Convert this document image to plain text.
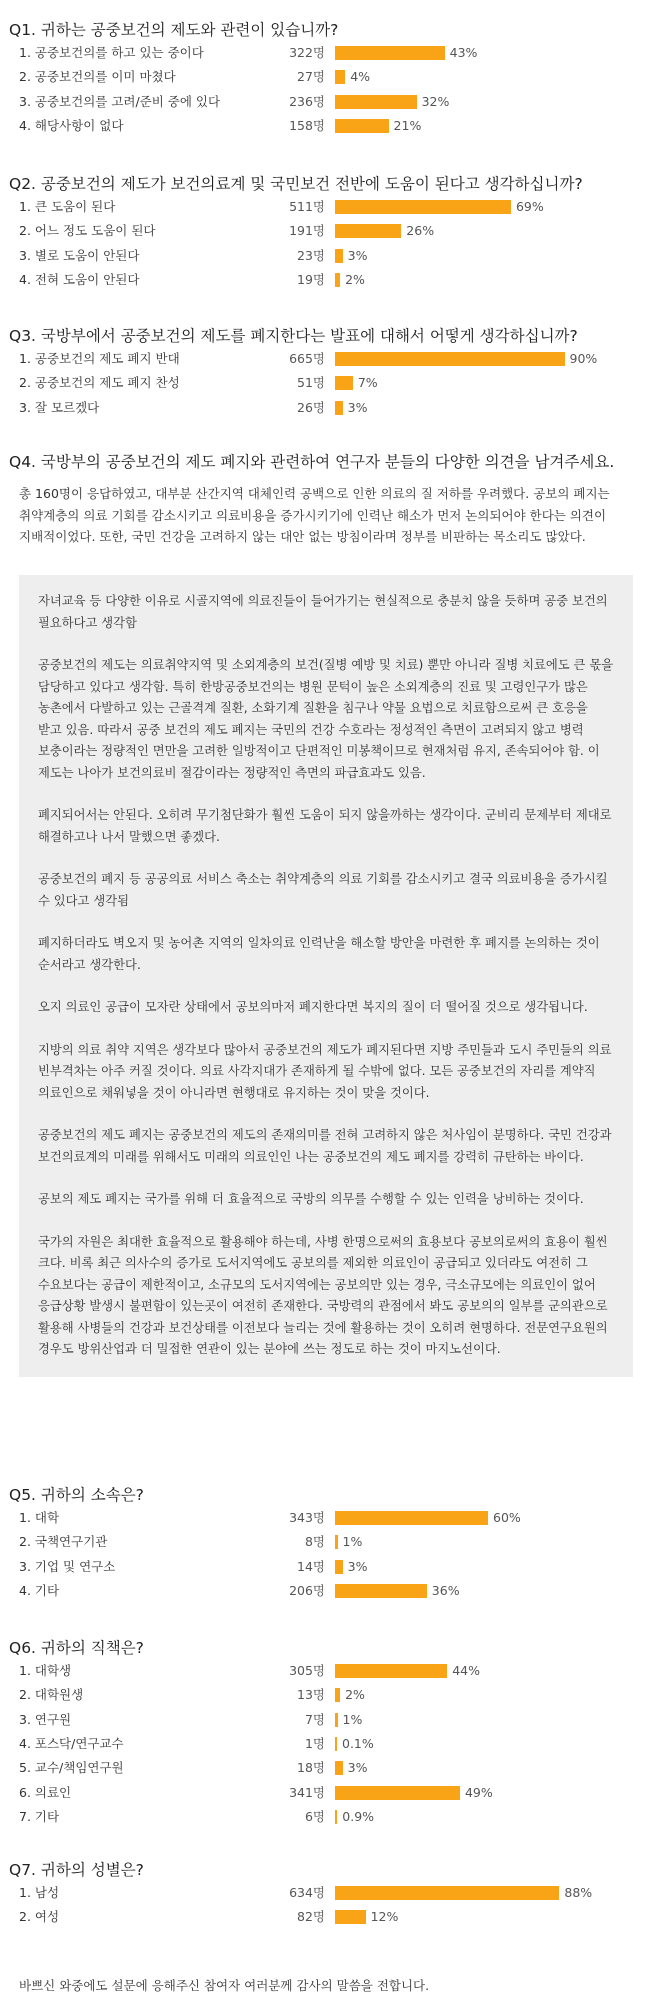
Q1. 귀하는 공중보건의 제도와 관련이 있습니까?
1. 공중보건의를 하고 있는 중이다	322명	43%
2. 공중보건의를 이미 마쳤다	27명 4%
3. 공중보건의를 고려/준비 중에 있다	236명	32%
4. 해당사항이 없다	158명	21%
Q2. 공중보건의 제도가 보건의료계 및 국민보건 전반에 도움이 된다고 생각하십니까?
1. 큰 도움이 된다	511명	69%
2. 어느 정도 도움이 된다	191명	26%
3. 별로 도움이 안된다	23명 3%
4. 전혀 도움이 안된다	19명 2%
Q3. 국방부에서 공중보건의 제도를 폐지한다는 발표에 대해서 어떻게 생각하십니까?
1. 공중보건의 제도 폐지 반대	665명	90%
2. 공중보건의 제도 폐지 찬성	51명	7%
3. 잘 모르겠다	26명 3%
Q4. 국방부의 공중보건의 제도 폐지와 관련하여 연구자 분들의 다양한 의견을 남겨주세요.
총 160명이 응답하였고, 대부분 산간지역 대체인력 공백으로 인한 의료의 질 저하를 우려했다. 공보의 폐지는 취약계층의 의료 기회를 감소시키고 의료비용을 증가시키기에 인력난 해소가 먼저 논의되어야 한다는 의견이 지배적이었다. 또한, 국민 건강을 고려하지 않는 대안 없는 방침이라며 정부를 비판하는 목소리도 많았다.
자녀교육 등 다양한 이유로 시골지역에 의료진들이 들어가기는 현실적으로 충분치 않을 듯하며 공중 보건의 필요하다고 생각함
공중보건의 제도는 의료취약지역 및 소외계층의 보건(질병 예방 및 치료) 뿐만 아니라 질병 치료에도 큰 몫을 담당하고 있다고 생각함. 특히 한방공중보건의는 병원 문턱이 높은 소외계층의 진료 및 고령인구가 많은 농촌에서 다발하고 있는 근골격계 질환, 소화기계 질환을 침구나 약물 요법으로 치료함으로써 큰 호응을 받고 있음. 따라서 공중 보건의 제도 폐지는 국민의 건강 수호라는 정성적인 측면이 고려되지 않고 병력 보충이라는 정량적인 면만을 고려한 일방적이고 단편적인 미봉책이므로 현재처럼 유지, 존속되어야 함. 이 제도는 나아가 보건의료비 절감이라는 정량적인 측면의 파급효과도 있음.
폐지되어서는 안된다. 오히려 무기첨단화가 훨씬 도움이 되지 않을까하는 생각이다. 군비리 문제부터 제대로 해결하고나 나서 말했으면 좋겠다.
공중보건의 폐지 등 공공의료 서비스 축소는 취약계층의 의료 기회를 감소시키고 결국 의료비용을 증가시킬 수 있다고 생각됨
폐지하더라도 벽오지 및 농어촌 지역의 일차의료 인력난을 해소할 방안을 마련한 후 폐지를 논의하는 것이 순서라고 생각한다.
오지 의료인 공급이 모자란 상태에서 공보의마저 폐지한다면 복지의 질이 더 떨어질 것으로 생각됩니다.
지방의 의료 취약 지역은 생각보다 많아서 공중보건의 제도가 폐지된다면 지방 주민들과 도시 주민들의 의료 빈부격차는 아주 커질 것이다. 의료 사각지대가 존재하게 될 수밖에 없다. 모든 공중보건의 자리를 계약직 의료인으로 채워넣을 것이 아니라면 현행대로 유지하는 것이 맞을 것이다.
공중보건의 제도 폐지는 공중보건의 제도의 존재의미를 전혀 고려하지 않은 처사임이 분명하다. 국민 건강과 보건의료계의 미래를 위해서도 미래의 의료인인 나는 공중보건의 제도 폐지를 강력히 규탄하는 바이다.
공보의 제도 폐지는 국가를 위해 더 효율적으로 국방의 의무를 수행할 수 있는 인력을 낭비하는 것이다.
국가의 자원은 최대한 효율적으로 활용해야 하는데, 사병 한명으로써의 효용보다 공보의로써의 효용이 훨씬 크다. 비록 최근 의사수의 증가로 도서지역에도 공보의를 제외한 의료인이 공급되고 있더라도 여전히 그 수요보다는 공급이 제한적이고, 소규모의 도서지역에는 공보의만 있는 경우, 극소규모에는 의료인이 없어 응급상황 발생시 불편함이 있는곳이 여전히 존재한다. 국방력의 관점에서 봐도 공보의의 일부를 군의관으로 활용해 사병들의 건강과 보건상태를 이전보다 늘리는 것에 활용하는 것이 오히려 현명하다. 전문연구요원의 경우도 방위산업과 더 밀접한 연관이 있는 분야에 쓰는 정도로 하는 것이 마지노선이다.
Q5. 귀하의 소속은?
1. 대학	343명	60%
2. 국책연구기관	8명 1%
3. 기업 및 연구소	14명 3%
4. 기타	206명	36%
Q6. 귀하의 직책은?
1. 대학생	305명	44%
2. 대학원생	13명 2%
3. 연구원	7명 1%
4. 포스닥/연구교수	1명 0.1%
5. 교수/책임연구원	18명 3%
6. 의료인	341명	49%
7. 기타	6명 0.9%
Q7. 귀하의 성별은?
1. 남성	634명	88%
2. 여성	82명	12%
바쁘신 와중에도 설문에 응해주신 참여자 여러분께 감사의 말씀을 전합니다.
